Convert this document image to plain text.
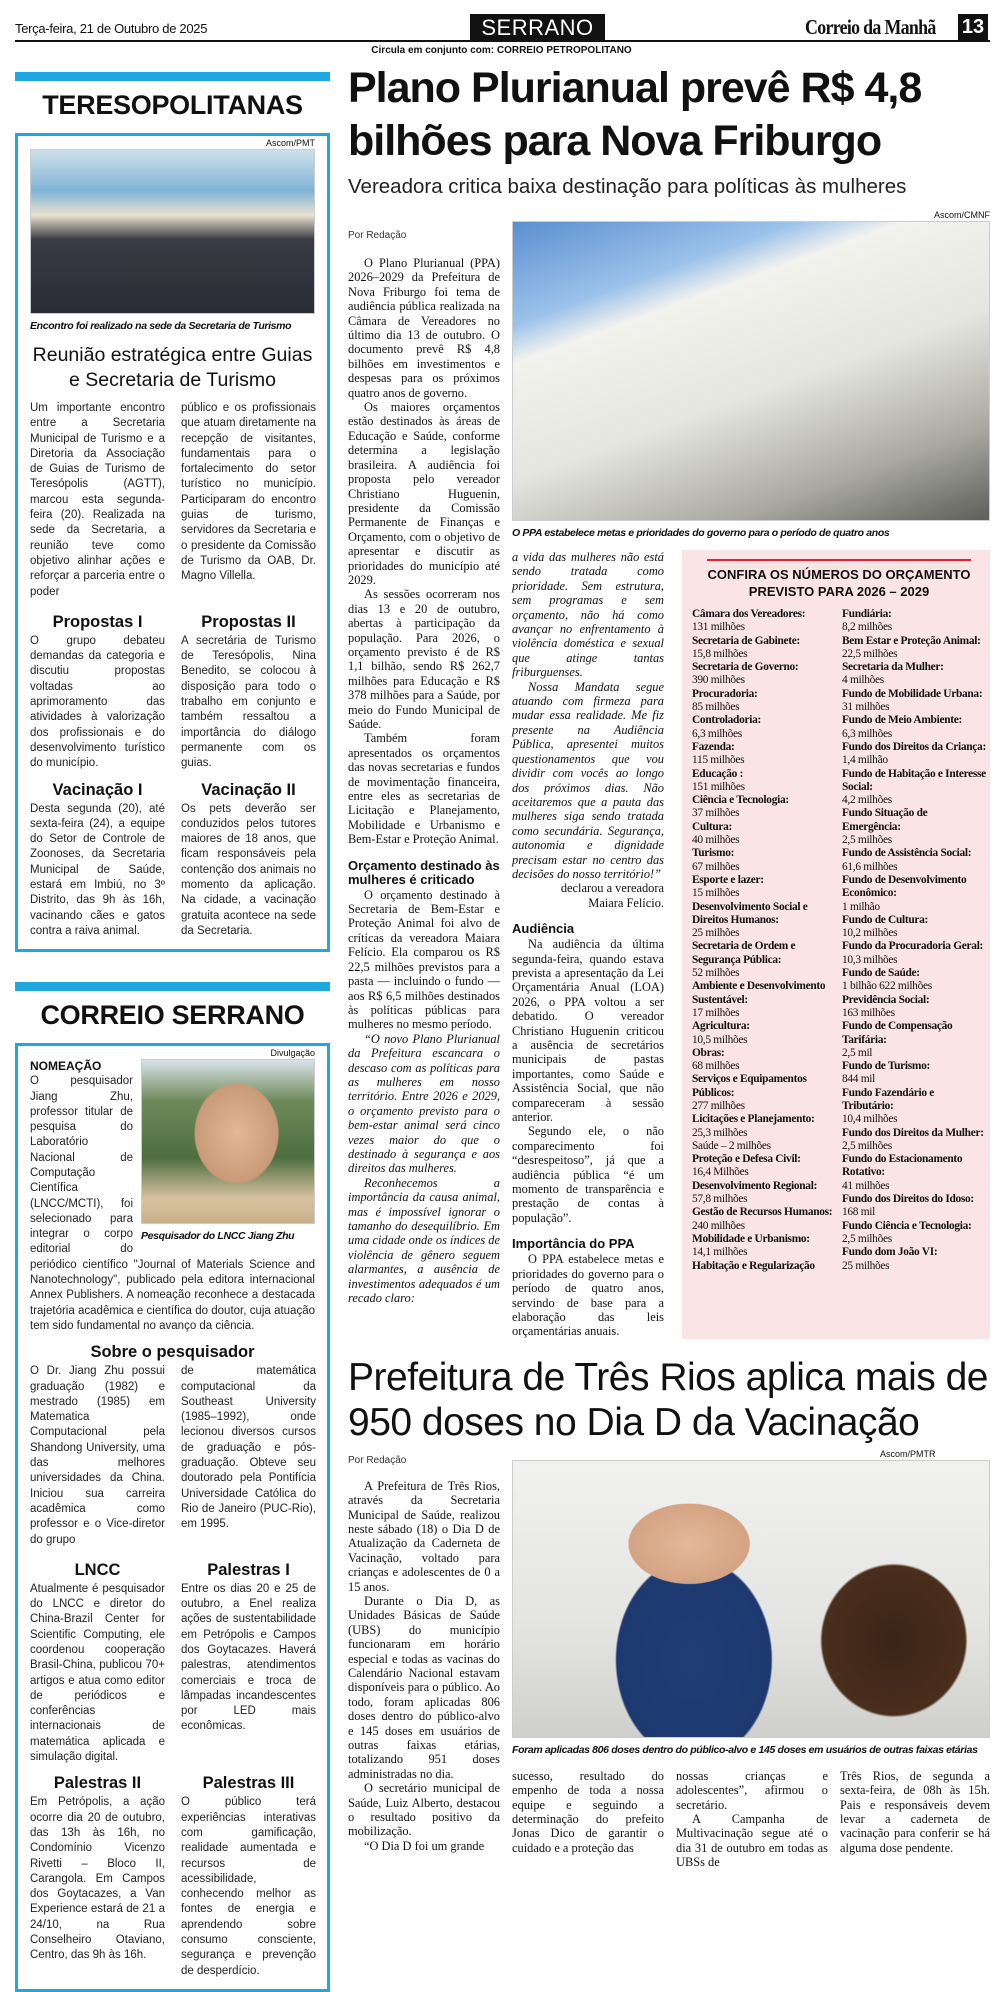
Terça-feira, 21 de Outubro de 2025	SERRANO	Correio da Manhã 13
Circula em conjunto com: CORREIO PETROPOLITANO
TERESOPOLITANAS
Ascom/PMT
Encontro foi realizado na sede da Secretaria de Turismo
Reunião estratégica entre Guias e Secretaria de Turismo
Um importante encontro entre a Secretaria Municipal de Turismo e a Diretoria da Associação de Guias de Turismo de Teresópolis (AGTT), marcou esta segunda-feira (20). Realizada na sede da Secretaria, a reunião teve como objetivo alinhar ações e reforçar a parceria entre o poder
público e os profissionais que atuam diretamente na recepção de visitantes, fundamentais para o fortalecimento do setor turístico no município. Participaram do encontro guias de turismo, servidores da Secretaria e o presidente da Comissão de Turismo da OAB, Dr. Magno Villella.
Propostas I
O grupo debateu demandas da categoria e discutiu propostas voltadas ao aprimoramento das atividades à valorização dos profissionais e do desenvolvimento turístico do município.
Propostas II
A secretária de Turismo de Teresópolis, Nina Benedito, se colocou à disposição para todo o trabalho em conjunto e também ressaltou a importância do diálogo permanente com os guias.
Vacinação I
Desta segunda (20), até sexta-feira (24), a equipe do Setor de Controle de Zoonoses, da Secretaria Municipal de Saúde, estará em Imbiú, no 3º Distrito, das 9h às 16h, vacinando cães e gatos contra a raiva animal.
Vacinação II
Os pets deverão ser conduzidos pelos tutores maiores de 18 anos, que ficam responsáveis pela contenção dos animais no momento da aplicação. Na cidade, a vacinação gratuita acontece na sede da Secretaria.
CORREIO SERRANO
Divulgação
Pesquisador do LNCC Jiang Zhu
NOMEAÇÃO
O pesquisador Jiang Zhu, professor titular de pesquisa do Laboratório Nacional de Computação Científica (LNCC/MCTI), foi selecionado para integrar o corpo editorial do periódico científico "Journal of Materials Science and Nanotechnology", publicado pela editora internacional Annex Publishers. A nomeação reconhece a destacada trajetória acadêmica e científica do doutor, cuja atuação tem sido fundamental no avanço da ciência.
Sobre o pesquisador
O Dr. Jiang Zhu possui graduação (1982) e mestrado (1985) em Matematica Computacional pela Shandong University, uma das melhores universidades da China. Iniciou sua carreira acadêmica como professor e o Vice-diretor do grupo
de matemática computacional da Southeast University (1985–1992), onde lecionou diversos cursos de graduação e pós-graduação. Obteve seu doutorado pela Pontifícia Universidade Católica do Rio de Janeiro (PUC-Rio), em 1995.
LNCC
Atualmente é pesquisador do LNCC e diretor do China-Brazil Center for Scientific Computing, ele coordenou cooperação Brasil-China, publicou 70+ artigos e atua como editor de periódicos e conferências internacionais de matemática aplicada e simulação digital.
Palestras I
Entre os dias 20 e 25 de outubro, a Enel realiza ações de sustentabilidade em Petrópolis e Campos dos Goytacazes. Haverá palestras, atendimentos comerciais e troca de lâmpadas incandescentes por LED mais econômicas.
Palestras II
Em Petrópolis, a ação ocorre dia 20 de outubro, das 13h às 16h, no Condomínio Vicenzo Rivetti – Bloco II, Carangola. Em Campos dos Goytacazes, a Van Experience estará de 21 a 24/10, na Rua Conselheiro Otaviano, Centro, das 9h às 16h.
Palestras III
O público terá experiências interativas com gamificação, realidade aumentada e recursos de acessibilidade, conhecendo melhor as fontes de energia e aprendendo sobre consumo consciente, segurança e prevenção de desperdício.
Plano Plurianual prevê R$ 4,8 bilhões para Nova Friburgo
Vereadora critica baixa destinação para políticas às mulheres
Por Redação

O Plano Plurianual (PPA) 2026–2029 da Prefeitura de Nova Friburgo foi tema de audiência pública realizada na Câmara de Vereadores no último dia 13 de outubro. O documento prevê R$ 4,8 bilhões em investimentos e despesas para os próximos quatro anos de governo.

Os maiores orçamentos estão destinados às áreas de Educação e Saúde, conforme determina a legislação brasileira. A audiência foi proposta pelo vereador Christiano Huguenin, presidente da Comissão Permanente de Finanças e Orçamento, com o objetivo de apresentar e discutir as prioridades do município até 2029.

As sessões ocorreram nos dias 13 e 20 de outubro, abertas à participação da população. Para 2026, o orçamento previsto é de R$ 1,1 bilhão, sendo R$ 262,7 milhões para Educação e R$ 378 milhões para a Saúde, por meio do Fundo Municipal de Saúde.

Também foram apresentados os orçamentos das novas secretarias e fundos de movimentação financeira, entre eles as secretarias de Licitação e Planejamento, Mobilidade e Urbanismo e Bem-Estar e Proteção Animal.

Orçamento destinado às mulheres é criticado

O orçamento destinado à Secretaria de Bem-Estar e Proteção Animal foi alvo de críticas da vereadora Maiara Felício. Ela comparou os R$ 22,5 milhões previstos para a pasta — incluindo o fundo — aos R$ 6,5 milhões destinados às políticas públicas para mulheres no mesmo período.

“O novo Plano Plurianual da Prefeitura escancara o descaso com as políticas para as mulheres em nosso território. Entre 2026 e 2029, o orçamento previsto para o bem-estar animal será cinco vezes maior do que o destinado à segurança e aos direitos das mulheres.

Reconhecemos a importância da causa animal, mas é impossível ignorar o tamanho do desequilíbrio. Em uma cidade onde os índices de violência de gênero seguem alarmantes, a ausência de investimentos adequados é um recado claro:

Ascom/CMNF
O PPA estabelece metas e prioridades do governo para o período de quatro anos

a vida das mulheres não está sendo tratada como prioridade. Sem estrutura, sem programas e sem orçamento, não há como avançar no enfrentamento à violência doméstica e sexual que atinge tantas friburguenses.

Nossa Mandata segue atuando com firmeza para mudar essa realidade. Me fiz presente na Audiência Pública, apresentei muitos questionamentos que vou dividir com vocês ao longo dos próximos dias. Não aceitaremos que a pauta das mulheres siga sendo tratada como secundária. Segurança, autonomia e dignidade precisam estar no centro das decisões do nosso território!”

declarou a vereadora

Maiara Felício.

Audiência

Na audiência da última segunda-feira, quando estava prevista a apresentação da Lei Orçamentária Anual (LOA) 2026, o PPA voltou a ser debatido. O vereador Christiano Huguenin criticou a ausência de secretários municipais de pastas importantes, como Saúde e Assistência Social, que não compareceram à sessão anterior.

Segundo ele, o não comparecimento foi “desrespeitoso”, já que a audiência pública “é um momento de transparência e prestação de contas à população”.

Importância do PPA

O PPA estabelece metas e prioridades do governo para o período de quatro anos, servindo de base para a elaboração das leis orçamentárias anuais.

CONFIRA OS NÚMEROS DO ORÇAMENTO PREVISTO PARA 2026 – 2029
Câmara dos Vereadores:
131 milhões
Secretaria de Gabinete:
15,8 milhões
Secretaria de Governo:
390 milhões
Procuradoria:
85 milhões
Controladoria:
6,3 milhões
Fazenda:
115 milhões
Educação :
151 milhões
Ciência e Tecnologia:
37 milhões
Cultura:
40 milhões
Turismo:
67 milhões
Esporte e lazer:
15 milhões
Desenvolvimento Social e Direitos Humanos:
25 milhões
Secretaria de Ordem e Segurança Pública:
52 milhões
Ambiente e Desenvolvimento Sustentável:
17 milhões
Agricultura:
10,5 milhões
Obras:
68 milhões
Serviços e Equipamentos Públicos:
277 milhões
Licitações e Planejamento:
25,3 milhões
Saúde – 2 milhões
Proteção e Defesa Civil:
16,4 Milhões
Desenvolvimento Regional:
57,8 milhões
Gestão de Recursos Humanos:
240 milhões
Mobilidade e Urbanismo:
14,1 milhões
Habitação e Regularização
Fundiária:
8,2 milhões
Bem Estar e Proteção Animal:
22,5 milhões
Secretaria da Mulher:
4 milhões
Fundo de Mobilidade Urbana:
31 milhões
Fundo de Meio Ambiente:
6,3 milhões
Fundo dos Direitos da Criança:
1,4 milhão
Fundo de Habitação e Interesse Social:
4,2 milhões
Fundo Situação de Emergência:
2,5 milhões
Fundo de Assistência Social:
61,6 milhões
Fundo de Desenvolvimento Econômico:
1 milhão
Fundo de Cultura:
10,2 milhões
Fundo da Procuradoria Geral:
10,3 milhões
Fundo de Saúde:
1 bilhão 622 milhões
Previdência Social:
163 milhões
Fundo de Compensação Tarifária:
2,5 mil
Fundo de Turismo:
844 mil
Fundo Fazendário e Tributário:
10,4 milhões
Fundo dos Direitos da Mulher:
2,5 milhões
Fundo do Estacionamento Rotativo:
41 milhões
Fundo dos Direitos do Idoso:
168 mil
Fundo Ciência e Tecnologia:
2,5 milhões
Fundo dom João VI:
25 milhões
Prefeitura de Três Rios aplica mais de 950 doses no Dia D da Vacinação
Por Redação

A Prefeitura de Três Rios, através da Secretaria Municipal de Saúde, realizou neste sábado (18) o Dia D de Atualização da Caderneta de Vacinação, voltado para crianças e adolescentes de 0 a 15 anos.

Durante o Dia D, as Unidades Básicas de Saúde (UBS) do município funcionaram em horário especial e todas as vacinas do Calendário Nacional estavam disponíveis para o público. Ao todo, foram aplicadas 806 doses dentro do público-alvo e 145 doses em usuários de outras faixas etárias, totalizando 951 doses administradas no dia.

O secretário municipal de Saúde, Luiz Alberto, destacou o resultado positivo da mobilização.

“O Dia D foi um grande

Ascom/PMTR
Foram aplicadas 806 doses dentro do público-alvo e 145 doses em usuários de outras faixas etárias

sucesso, resultado do empenho de toda a nossa equipe e seguindo a determinação do prefeito Jonas Dico de garantir o cuidado e a proteção das

nossas crianças e adolescentes”, afirmou o secretário.

A Campanha de Multivacinação segue até o dia 31 de outubro em todas as UBSs de

Três Rios, de segunda a sexta-feira, de 08h às 15h. Pais e responsáveis devem levar a caderneta de vacinação para conferir se há alguma dose pendente.
